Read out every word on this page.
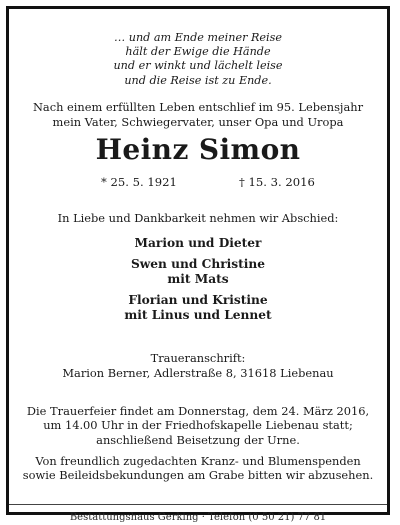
… und am Ende meiner Reise
hält der Ewige die Hände
und er winkt und lächelt leise
und die Reise ist zu Ende.
Nach einem erfüllten Leben entschlief im 95. Lebensjahr
mein Vater, Schwiegervater, unser Opa und Uropa
Heinz Simon
* 25. 5. 1921	† 15. 3. 2016
In Liebe und Dankbarkeit nehmen wir Abschied:
Marion und Dieter
Swen und Christine
mit Mats
Florian und Kristine
mit Linus und Lennet
Traueranschrift:
Marion Berner, Adlerstraße 8, 31618 Liebenau
Die Trauerfeier findet am Donnerstag, dem 24. März 2016,
um 14.00 Uhr in der Friedhofskapelle Liebenau statt;
anschließend Beisetzung der Urne.
Von freundlich zugedachten Kranz- und Blumenspenden
sowie Beileidsbekundungen am Grabe bitten wir abzusehen.
Bestattungshaus Gerking · Telefon (0 50 21) 77 81
